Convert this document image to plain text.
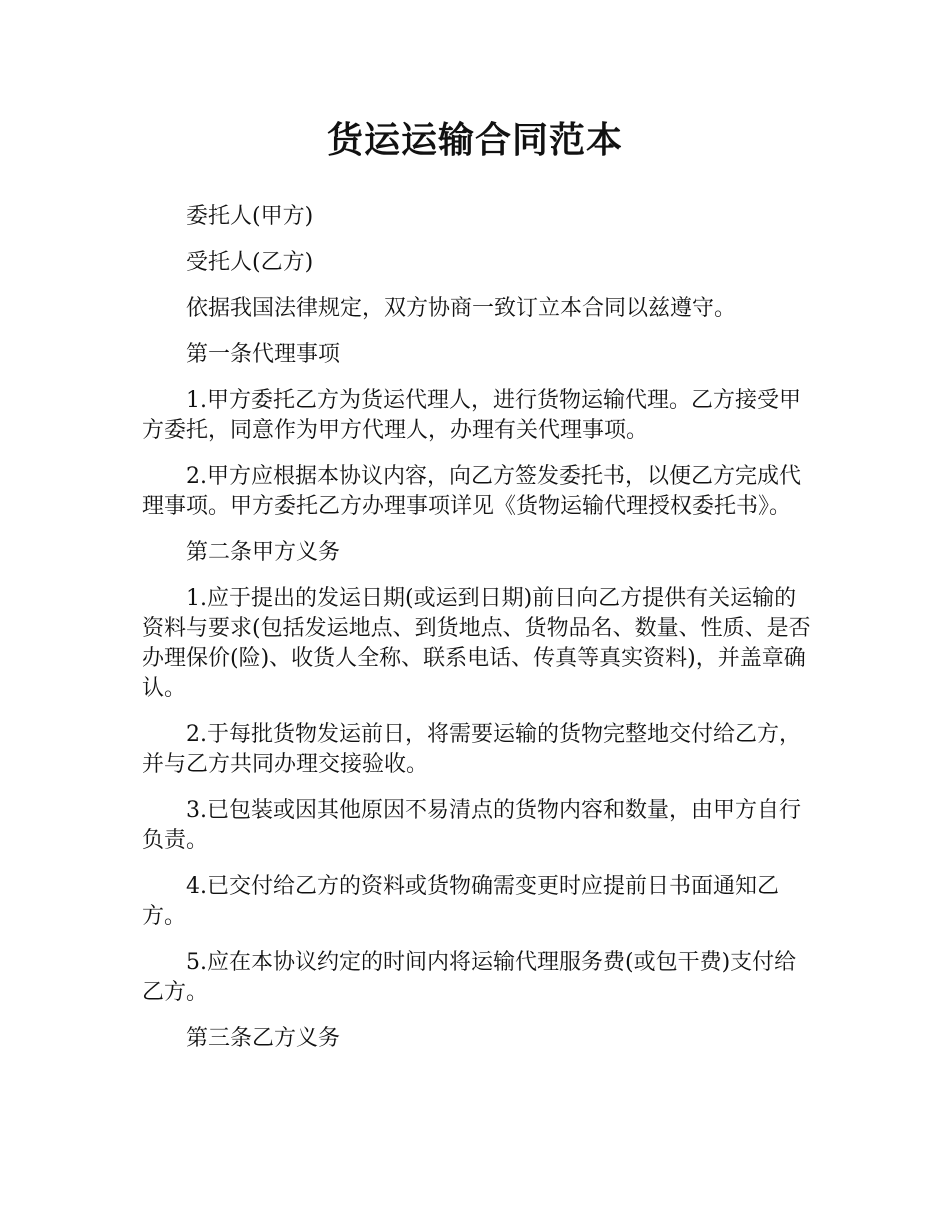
货运运输合同范本

委托人(甲方)

受托人(乙方)

依据我国法律规定，双方协商一致订立本合同以兹遵守。

第一条代理事项

1.甲方委托乙方为货运代理人，进行货物运输代理。乙方接受甲方委托，同意作为甲方代理人，办理有关代理事项。

2.甲方应根据本协议内容，向乙方签发委托书，以便乙方完成代理事项。甲方委托乙方办理事项详见《货物运输代理授权委托书》。

第二条甲方义务

1.应于提出的发运日期(或运到日期)前日向乙方提供有关运输的资料与要求(包括发运地点、到货地点、货物品名、数量、性质、是否办理保价(险)、收货人全称、联系电话、传真等真实资料)，并盖章确认。

2.于每批货物发运前日，将需要运输的货物完整地交付给乙方，并与乙方共同办理交接验收。

3.已包装或因其他原因不易清点的货物内容和数量，由甲方自行负责。

4.已交付给乙方的资料或货物确需变更时应提前日书面通知乙方。

5.应在本协议约定的时间内将运输代理服务费(或包干费)支付给乙方。

第三条乙方义务
